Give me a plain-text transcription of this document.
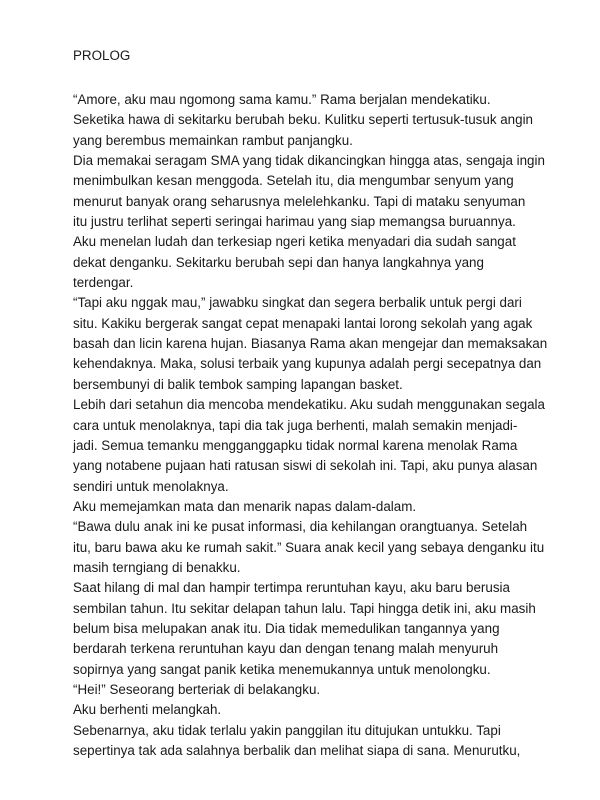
PROLOG
“Amore, aku mau ngomong sama kamu.” Rama berjalan mendekatiku.
Seketika hawa di sekitarku berubah beku. Kulitku seperti tertusuk-tusuk angin
yang berembus memainkan rambut panjangku.
Dia memakai seragam SMA yang tidak dikancingkan hingga atas, sengaja ingin
menimbulkan kesan menggoda. Setelah itu, dia mengumbar senyum yang
menurut banyak orang seharusnya melelehkanku. Tapi di mataku senyuman
itu justru terlihat seperti seringai harimau yang siap memangsa buruannya.
Aku menelan ludah dan terkesiap ngeri ketika menyadari dia sudah sangat
dekat denganku. Sekitarku berubah sepi dan hanya langkahnya yang
terdengar.
“Tapi aku nggak mau,” jawabku singkat dan segera berbalik untuk pergi dari
situ. Kakiku bergerak sangat cepat menapaki lantai lorong sekolah yang agak
basah dan licin karena hujan. Biasanya Rama akan mengejar dan memaksakan
kehendaknya. Maka, solusi terbaik yang kupunya adalah pergi secepatnya dan
bersembunyi di balik tembok samping lapangan basket.
Lebih dari setahun dia mencoba mendekatiku. Aku sudah menggunakan segala
cara untuk menolaknya, tapi dia tak juga berhenti, malah semakin menjadi-
jadi. Semua temanku mengganggapku tidak normal karena menolak Rama
yang notabene pujaan hati ratusan siswi di sekolah ini. Tapi, aku punya alasan
sendiri untuk menolaknya.
Aku memejamkan mata dan menarik napas dalam-dalam.
“Bawa dulu anak ini ke pusat informasi, dia kehilangan orangtuanya. Setelah
itu, baru bawa aku ke rumah sakit.” Suara anak kecil yang sebaya denganku itu
masih terngiang di benakku.
Saat hilang di mal dan hampir tertimpa reruntuhan kayu, aku baru berusia
sembilan tahun. Itu sekitar delapan tahun lalu. Tapi hingga detik ini, aku masih
belum bisa melupakan anak itu. Dia tidak memedulikan tangannya yang
berdarah terkena reruntuhan kayu dan dengan tenang malah menyuruh
sopirnya yang sangat panik ketika menemukannya untuk menolongku.
“Hei!” Seseorang berteriak di belakangku.
Aku berhenti melangkah.
Sebenarnya, aku tidak terlalu yakin panggilan itu ditujukan untukku. Tapi
sepertinya tak ada salahnya berbalik dan melihat siapa di sana. Menurutku,
